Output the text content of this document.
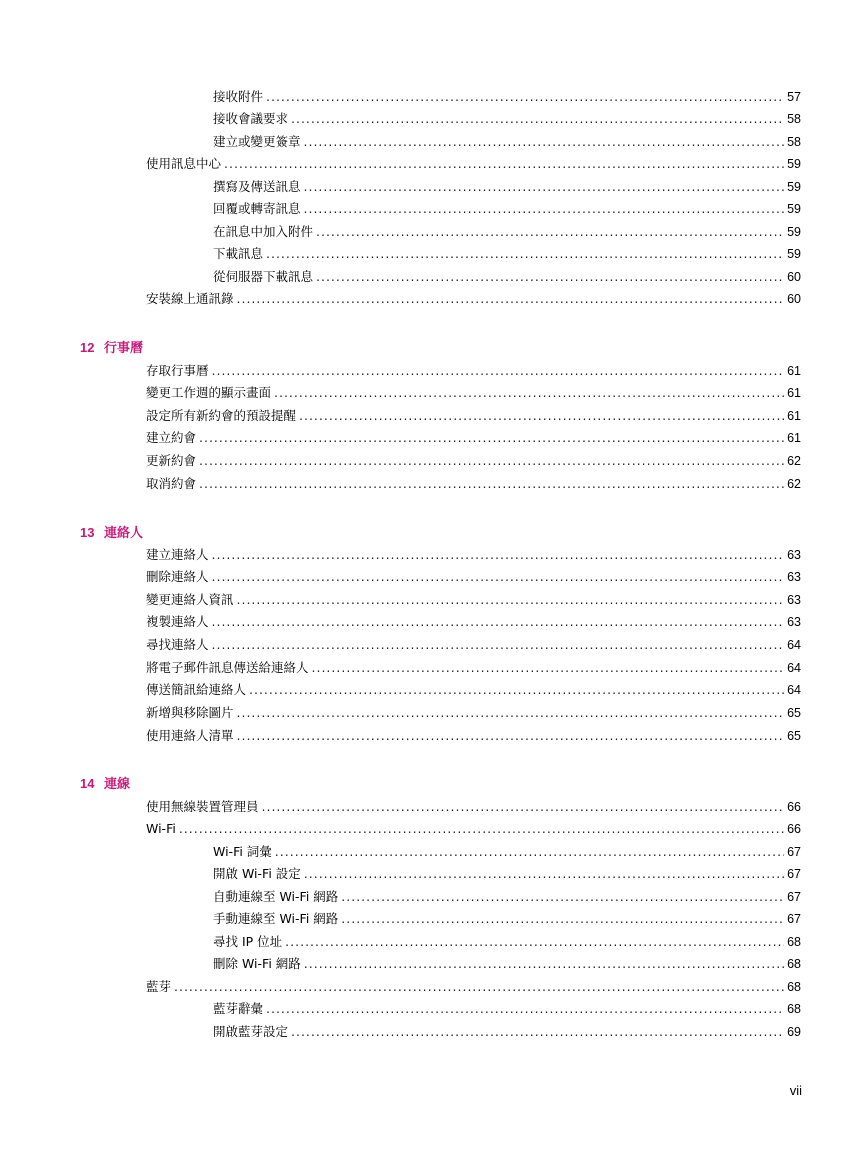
接收附件 .....	57
接收會議要求 .....	58
建立或變更簽章 .....	58
使用訊息中心 .....	59
撰寫及傳送訊息 .....	59
回覆或轉寄訊息 .....	59
在訊息中加入附件 .....	59
下載訊息 .....	59
從伺服器下載訊息 .....	60
安裝線上通訊錄 .....	60
12 行事曆
存取行事曆 .....	61
變更工作週的顯示畫面 .....	61
設定所有新約會的預設提醒 .....	61
建立約會 .....	61
更新約會 .....	62
取消約會 .....	62
13 連絡人
建立連絡人 .....	63
刪除連絡人 .....	63
變更連絡人資訊 .....	63
複製連絡人 .....	63
尋找連絡人 .....	64
將電子郵件訊息傳送給連絡人 .....	64
傳送簡訊給連絡人 .....	64
新增與移除圖片 .....	65
使用連絡人清單 .....	65
14 連線
使用無線裝置管理員 .....	66
Wi-Fi .....	66
Wi-Fi 詞彙 .....	67
開啟 Wi-Fi 設定 .....	67
自動連線至 Wi-Fi 網路 .....	67
手動連線至 Wi-Fi 網路 .....	67
尋找 IP 位址 .....	68
刪除 Wi-Fi 網路 .....	68
藍芽 .....	68
藍芽辭彙 .....	68
開啟藍芽設定 .....	69
vii
